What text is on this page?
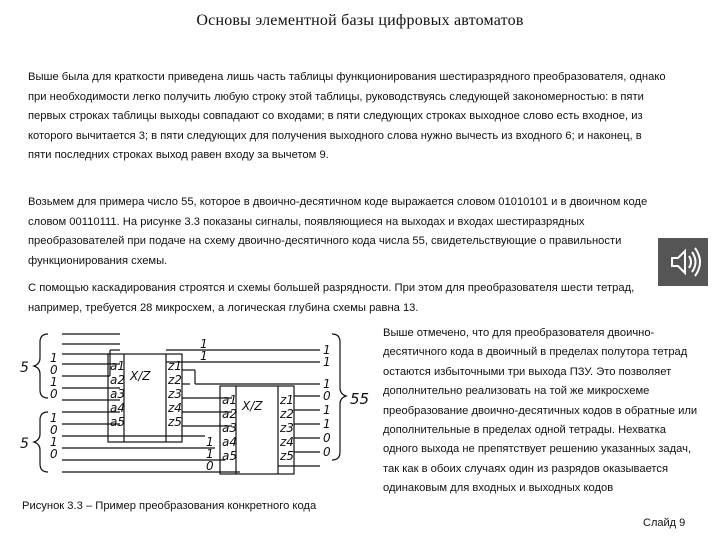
Основы элементной базы цифровых автоматов

Выше была для краткости приведена лишь часть таблицы функционирования шестиразрядного преобразователя, однако при необходимости легко получить любую строку этой таблицы, руководствуясь следующей закономерностью: в пяти первых строках таблицы выходы совпадают со входами; в пяти следующих строках выходное слово есть входное, из которого вычитается 3; в пяти следующих для получения выходного слова нужно вычесть из входного 6; и наконец, в пяти последних строках выход равен входу за вычетом 9.

Возьмем для примера число 55, которое в двоично-десятичном коде выражается словом 01010101 и в двоичном коде словом 00110111. На рисунке 3.3 показаны сигналы, появляющиеся на выходах и входах шестиразрядных преобразователей при подаче на схему двоично-десятичного кода числа 55, свидетельствующие о правильности функционирования схемы.

С помощью каскадирования строятся и схемы большей разрядности. При этом для преобразователя шести тетрад, например, требуется 28 микросхем, а логическая глубина схемы равна 13.

5
5
1
0
1
0
1
0
1
0
a1
a2
a3
a4
a5
X/Z
z1
z2
z3
z4
z5
1
1
a1
a2
a3
a4
a5
X/Z z1
z2
z3
z4
z5
1
1
0
1
1
1
0
1
1
0
0
55

Выше отмечено, что для преобразователя двоично-десятичного кода в двоичный в пределах полутора тетрад остаются избыточными три выхода ПЗУ. Это позволяет дополнительно реализовать на той же микросхеме преобразование двоично-десятичных кодов в обратные или дополнительные в пределах одной тетрады. Нехватка одного выхода не препятствует решению указанных задач, так как в обоих случаях один из разрядов оказывается одинаковым для входных и выходных кодов

Рисунок 3.3 – Пример преобразования конкретного кода
Слайд 9
